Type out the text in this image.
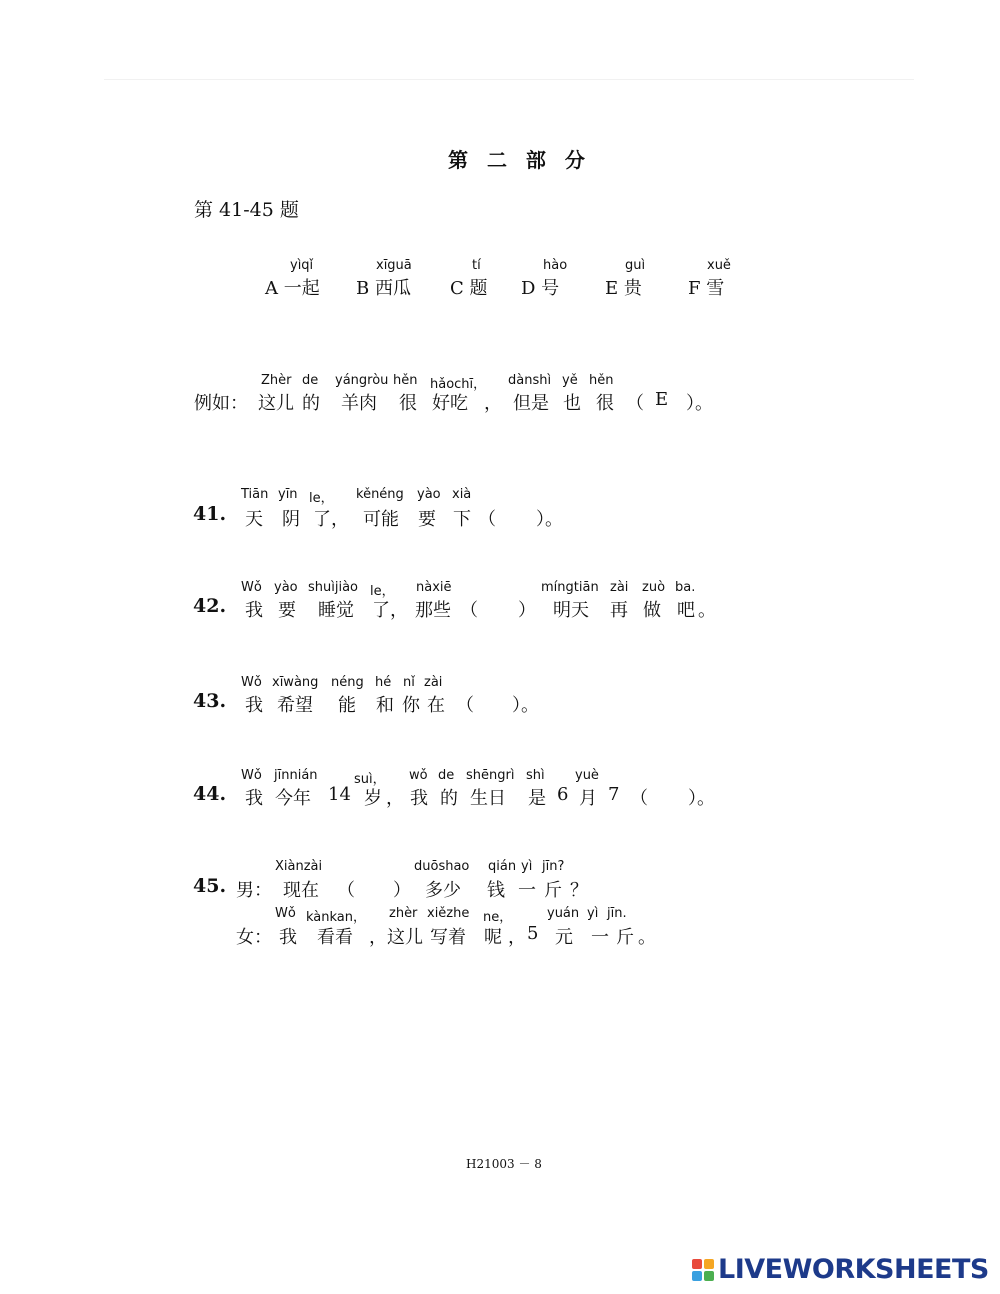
第 二 部 分
第 41-45 题
yìqǐ	xīguā	tí	hào	guì	xuě
A 一起 B 西瓜 C 题 D 号	E 贵	F 雪
Zhèr de yángròu hěn hǎochī， dànshì yě hěn
例如： 这儿 的 羊肉 很 好吃 ， 但是 也 很 （ E ）。
Tiān yīn le， kěnéng yào xià
41. 天 阴 了， 可能 要 下 （ ）。
Wǒ yào shuìjiào le， nàxiē	míngtiān zài zuò ba.
42. 我 要 睡觉 了， 那些 （ ） 明天 再 做 吧 。
Wǒ xīwàng néng hé nǐ zài
43. 我 希望 能 和 你 在 （ ）。
Wǒ jīnnián	suì， wǒ de shēngrì shì yuè
44. 我 今年 14 岁 ， 我 的 生日 是 6 月 7 （ ）。
Xiànzài	duōshao qián yì jīn?
45. 男： 现在 （ ） 多少 钱 一 斤 ？
Wǒ kànkan， zhèr xiězhe ne，	yuán yì jīn.
女： 我 看看 ， 这儿 写着 呢 ， 5 元 一 斤 。
H21003 － 8
LIVEWORKSHEETS
